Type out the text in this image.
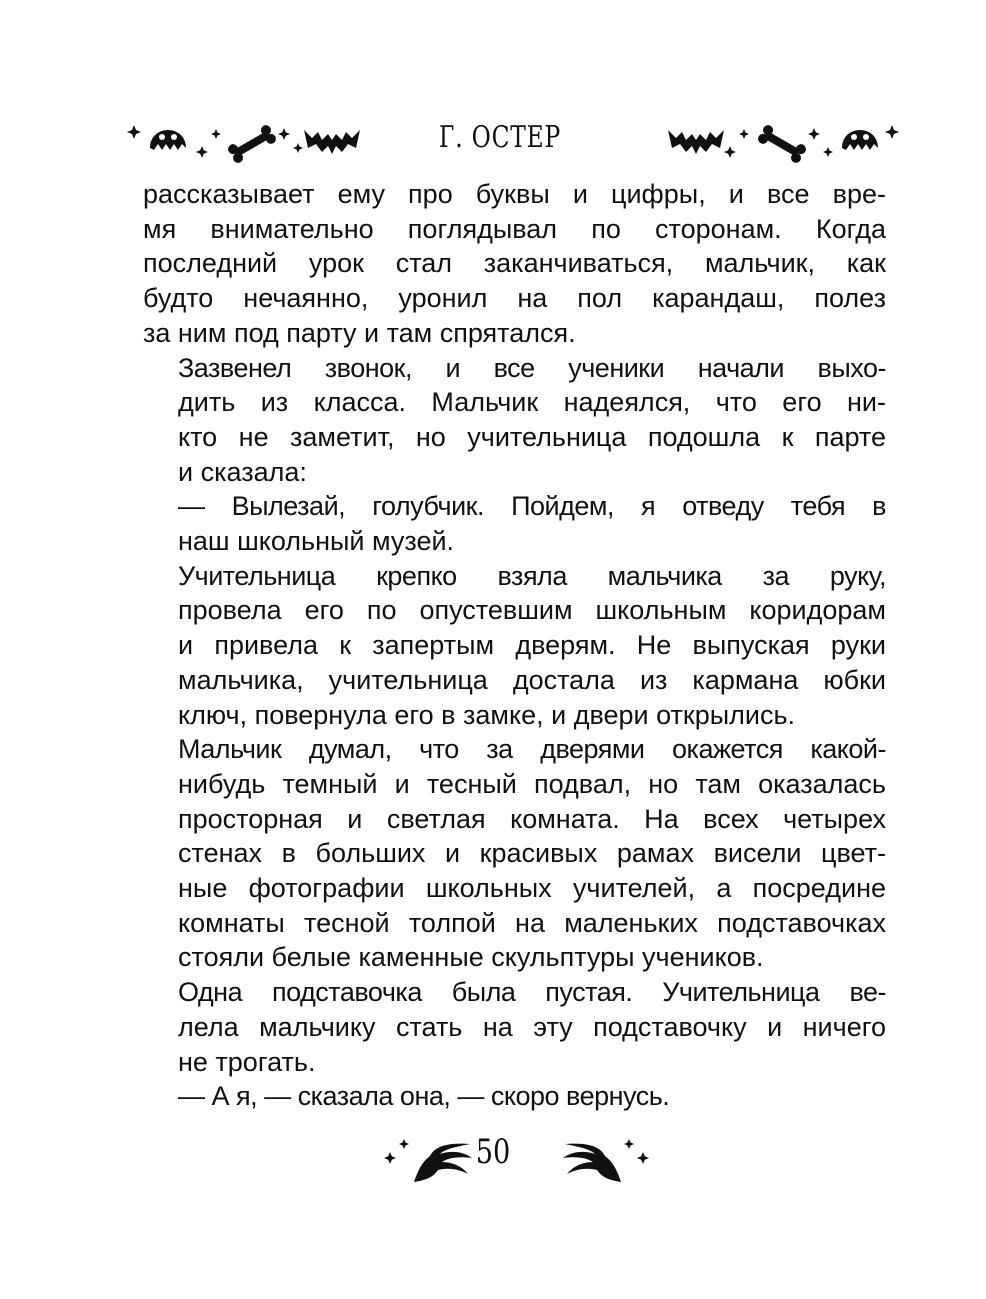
Г. ОСТЕР

рассказывает ему про буквы и цифры, и все вре-
мя внимательно поглядывал по сторонам. Когда
последний урок стал заканчиваться, мальчик, как
будто нечаянно, уронил на пол карандаш, полез
за ним под парту и там спрятался.

Зазвенел звонок, и все ученики начали выхо-
дить из класса. Мальчик надеялся, что его ни-
кто не заметит, но учительница подошла к парте
и сказала:

— Вылезай, голубчик. Пойдем, я отведу тебя в
наш школьный музей.

Учительница крепко взяла мальчика за руку,
провела его по опустевшим школьным коридорам
и привела к запертым дверям. Не выпуская руки
мальчика, учительница достала из кармана юбки
ключ, повернула его в замке, и двери открылись.

Мальчик думал, что за дверями окажется какой-
нибудь темный и тесный подвал, но там оказалась
просторная и светлая комната. На всех четырех
стенах в больших и красивых рамах висели цвет-
ные фотографии школьных учителей, а посредине
комнаты тесной толпой на маленьких подставочках
стояли белые каменные скульптуры учеников.

Одна подставочка была пустая. Учительница ве-
лела мальчику стать на эту подставочку и ничего
не трогать.

— А я, — сказала она, — скоро вернусь.

50
